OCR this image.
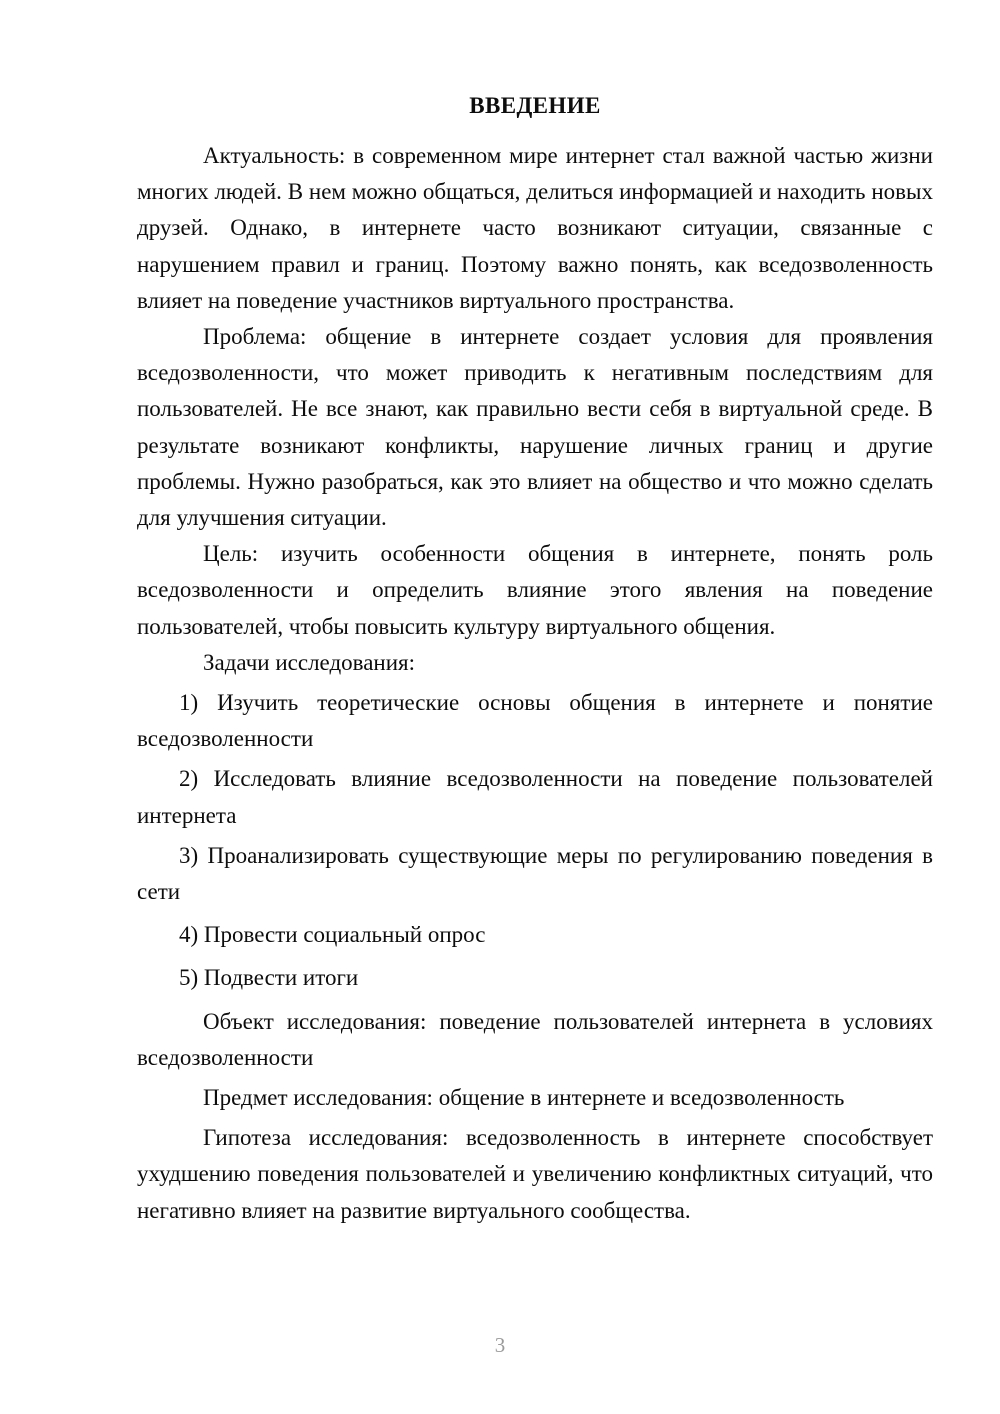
ВВЕДЕНИЕ

Актуальность: в современном мире интернет стал важной частью жизни многих людей. В нем можно общаться, делиться информацией и находить новых друзей. Однако, в интернете часто возникают ситуации, связанные с нарушением правил и границ. Поэтому важно понять, как вседозволенность влияет на поведение участников виртуального пространства.

Проблема: общение в интернете создает условия для проявления вседозволенности, что может приводить к негативным последствиям для пользователей. Не все знают, как правильно вести себя в виртуальной среде. В результате возникают конфликты, нарушение личных границ и другие проблемы. Нужно разобраться, как это влияет на общество и что можно сделать для улучшения ситуации.

Цель: изучить особенности общения в интернете, понять роль вседозволенности и определить влияние этого явления на поведение пользователей, чтобы повысить культуру виртуального общения.

Задачи исследования:

1) Изучить теоретические основы общения в интернете и понятие вседозволенности

2) Исследовать влияние вседозволенности на поведение пользователей интернета

3) Проанализировать существующие меры по регулированию поведения в сети

4) Провести социальный опрос

5) Подвести итоги

Объект исследования: поведение пользователей интернета в условиях вседозволенности

Предмет исследования: общение в интернете и вседозволенность

Гипотеза исследования: вседозволенность в интернете способствует ухудшению поведения пользователей и увеличению конфликтных ситуаций, что негативно влияет на развитие виртуального сообщества.

3
